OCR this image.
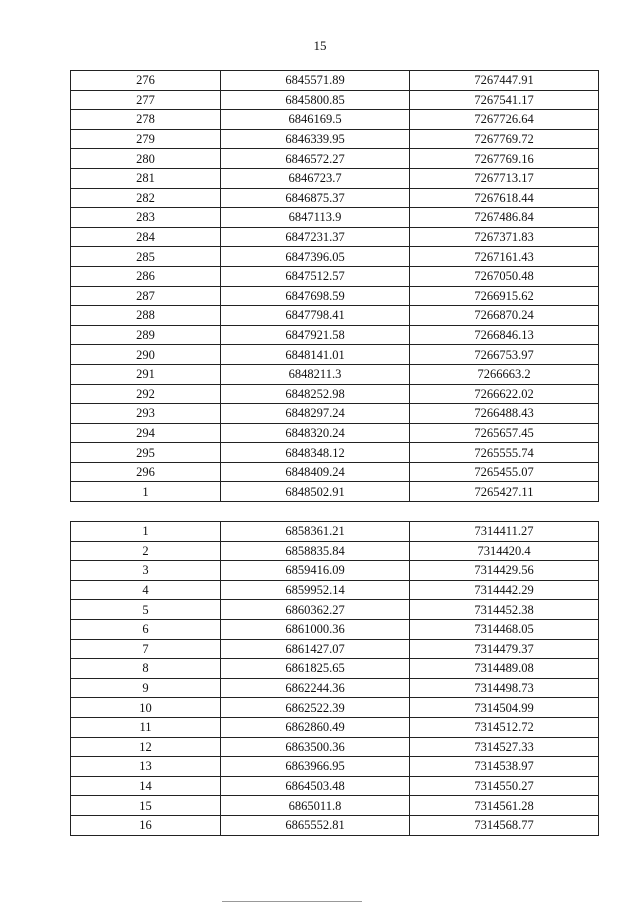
15
276	6845571.89	7267447.91
277	6845800.85	7267541.17
278	6846169.5	7267726.64
279	6846339.95	7267769.72
280	6846572.27	7267769.16
281	6846723.7	7267713.17
282	6846875.37	7267618.44
283	6847113.9	7267486.84
284	6847231.37	7267371.83
285	6847396.05	7267161.43
286	6847512.57	7267050.48
287	6847698.59	7266915.62
288	6847798.41	7266870.24
289	6847921.58	7266846.13
290	6848141.01	7266753.97
291	6848211.3	7266663.2
292	6848252.98	7266622.02
293	6848297.24	7266488.43
294	6848320.24	7265657.45
295	6848348.12	7265555.74
296	6848409.24	7265455.07
1	6848502.91	7265427.11
1	6858361.21	7314411.27
2	6858835.84	7314420.4
3	6859416.09	7314429.56
4	6859952.14	7314442.29
5	6860362.27	7314452.38
6	6861000.36	7314468.05
7	6861427.07	7314479.37
8	6861825.65	7314489.08
9	6862244.36	7314498.73
10	6862522.39	7314504.99
11	6862860.49	7314512.72
12	6863500.36	7314527.33
13	6863966.95	7314538.97
14	6864503.48	7314550.27
15	6865011.8	7314561.28
16	6865552.81	7314568.77
